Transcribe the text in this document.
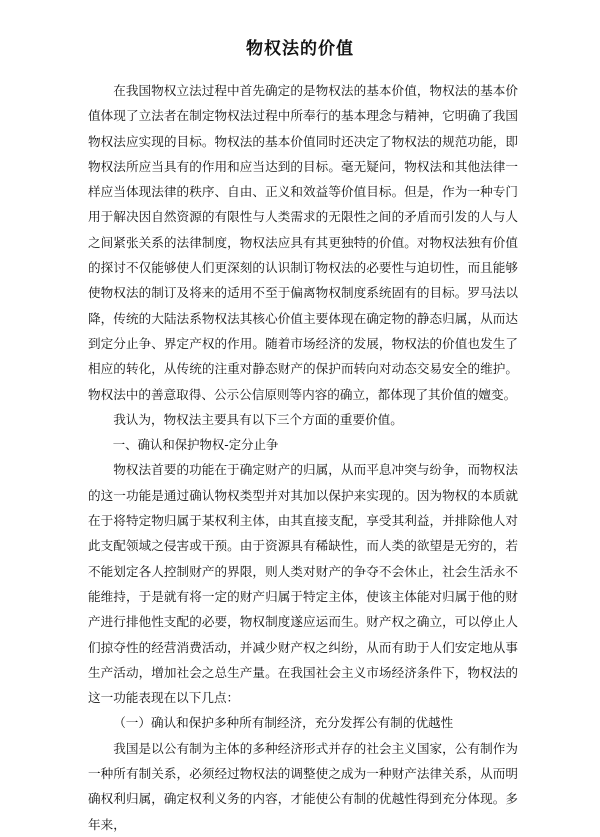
物权法的价值

在我国物权立法过程中首先确定的是物权法的基本价值，物权法的基本价值体现了立法者在制定物权法过程中所奉行的基本理念与精神，它明确了我国物权法应实现的目标。物权法的基本价值同时还决定了物权法的规范功能，即物权法所应当具有的作用和应当达到的目标。毫无疑问，物权法和其他法律一样应当体现法律的秩序、自由、正义和效益等价值目标。但是，作为一种专门用于解决因自然资源的有限性与人类需求的无限性之间的矛盾而引发的人与人之间紧张关系的法律制度，物权法应具有其更独特的价值。对物权法独有价值的探讨不仅能够使人们更深刻的认识制订物权法的必要性与迫切性，而且能够使物权法的制订及将来的适用不至于偏离物权制度系统固有的目标。罗马法以降，传统的大陆法系物权法其核心价值主要体现在确定物的静态归属，从而达到定分止争、界定产权的作用。随着市场经济的发展，物权法的价值也发生了相应的转化，从传统的注重对静态财产的保护而转向对动态交易安全的维护。物权法中的善意取得、公示公信原则等内容的确立，都体现了其价值的嬗变。

我认为，物权法主要具有以下三个方面的重要价值。

一、确认和保护物权-定分止争

物权法首要的功能在于确定财产的归属，从而平息冲突与纷争，而物权法的这一功能是通过确认物权类型并对其加以保护来实现的。因为物权的本质就在于将特定物归属于某权利主体，由其直接支配，享受其利益，并排除他人对此支配领域之侵害或干预。由于资源具有稀缺性，而人类的欲望是无穷的，若不能划定各人控制财产的界限，则人类对财产的争夺不会休止，社会生活永不能维持，于是就有将一定的财产归属于特定主体，使该主体能对归属于他的财产进行排他性支配的必要，物权制度遂应运而生。财产权之确立，可以停止人们掠夺性的经营消费活动，并减少财产权之纠纷，从而有助于人们安定地从事生产活动，增加社会之总生产量。在我国社会主义市场经济条件下，物权法的这一功能表现在以下几点：

（一）确认和保护多种所有制经济，充分发挥公有制的优越性

我国是以公有制为主体的多种经济形式并存的社会主义国家，公有制作为一种所有制关系，必须经过物权法的调整使之成为一种财产法律关系，从而明确权利归属，确定权利义务的内容，才能使公有制的优越性得到充分体现。多年来，
